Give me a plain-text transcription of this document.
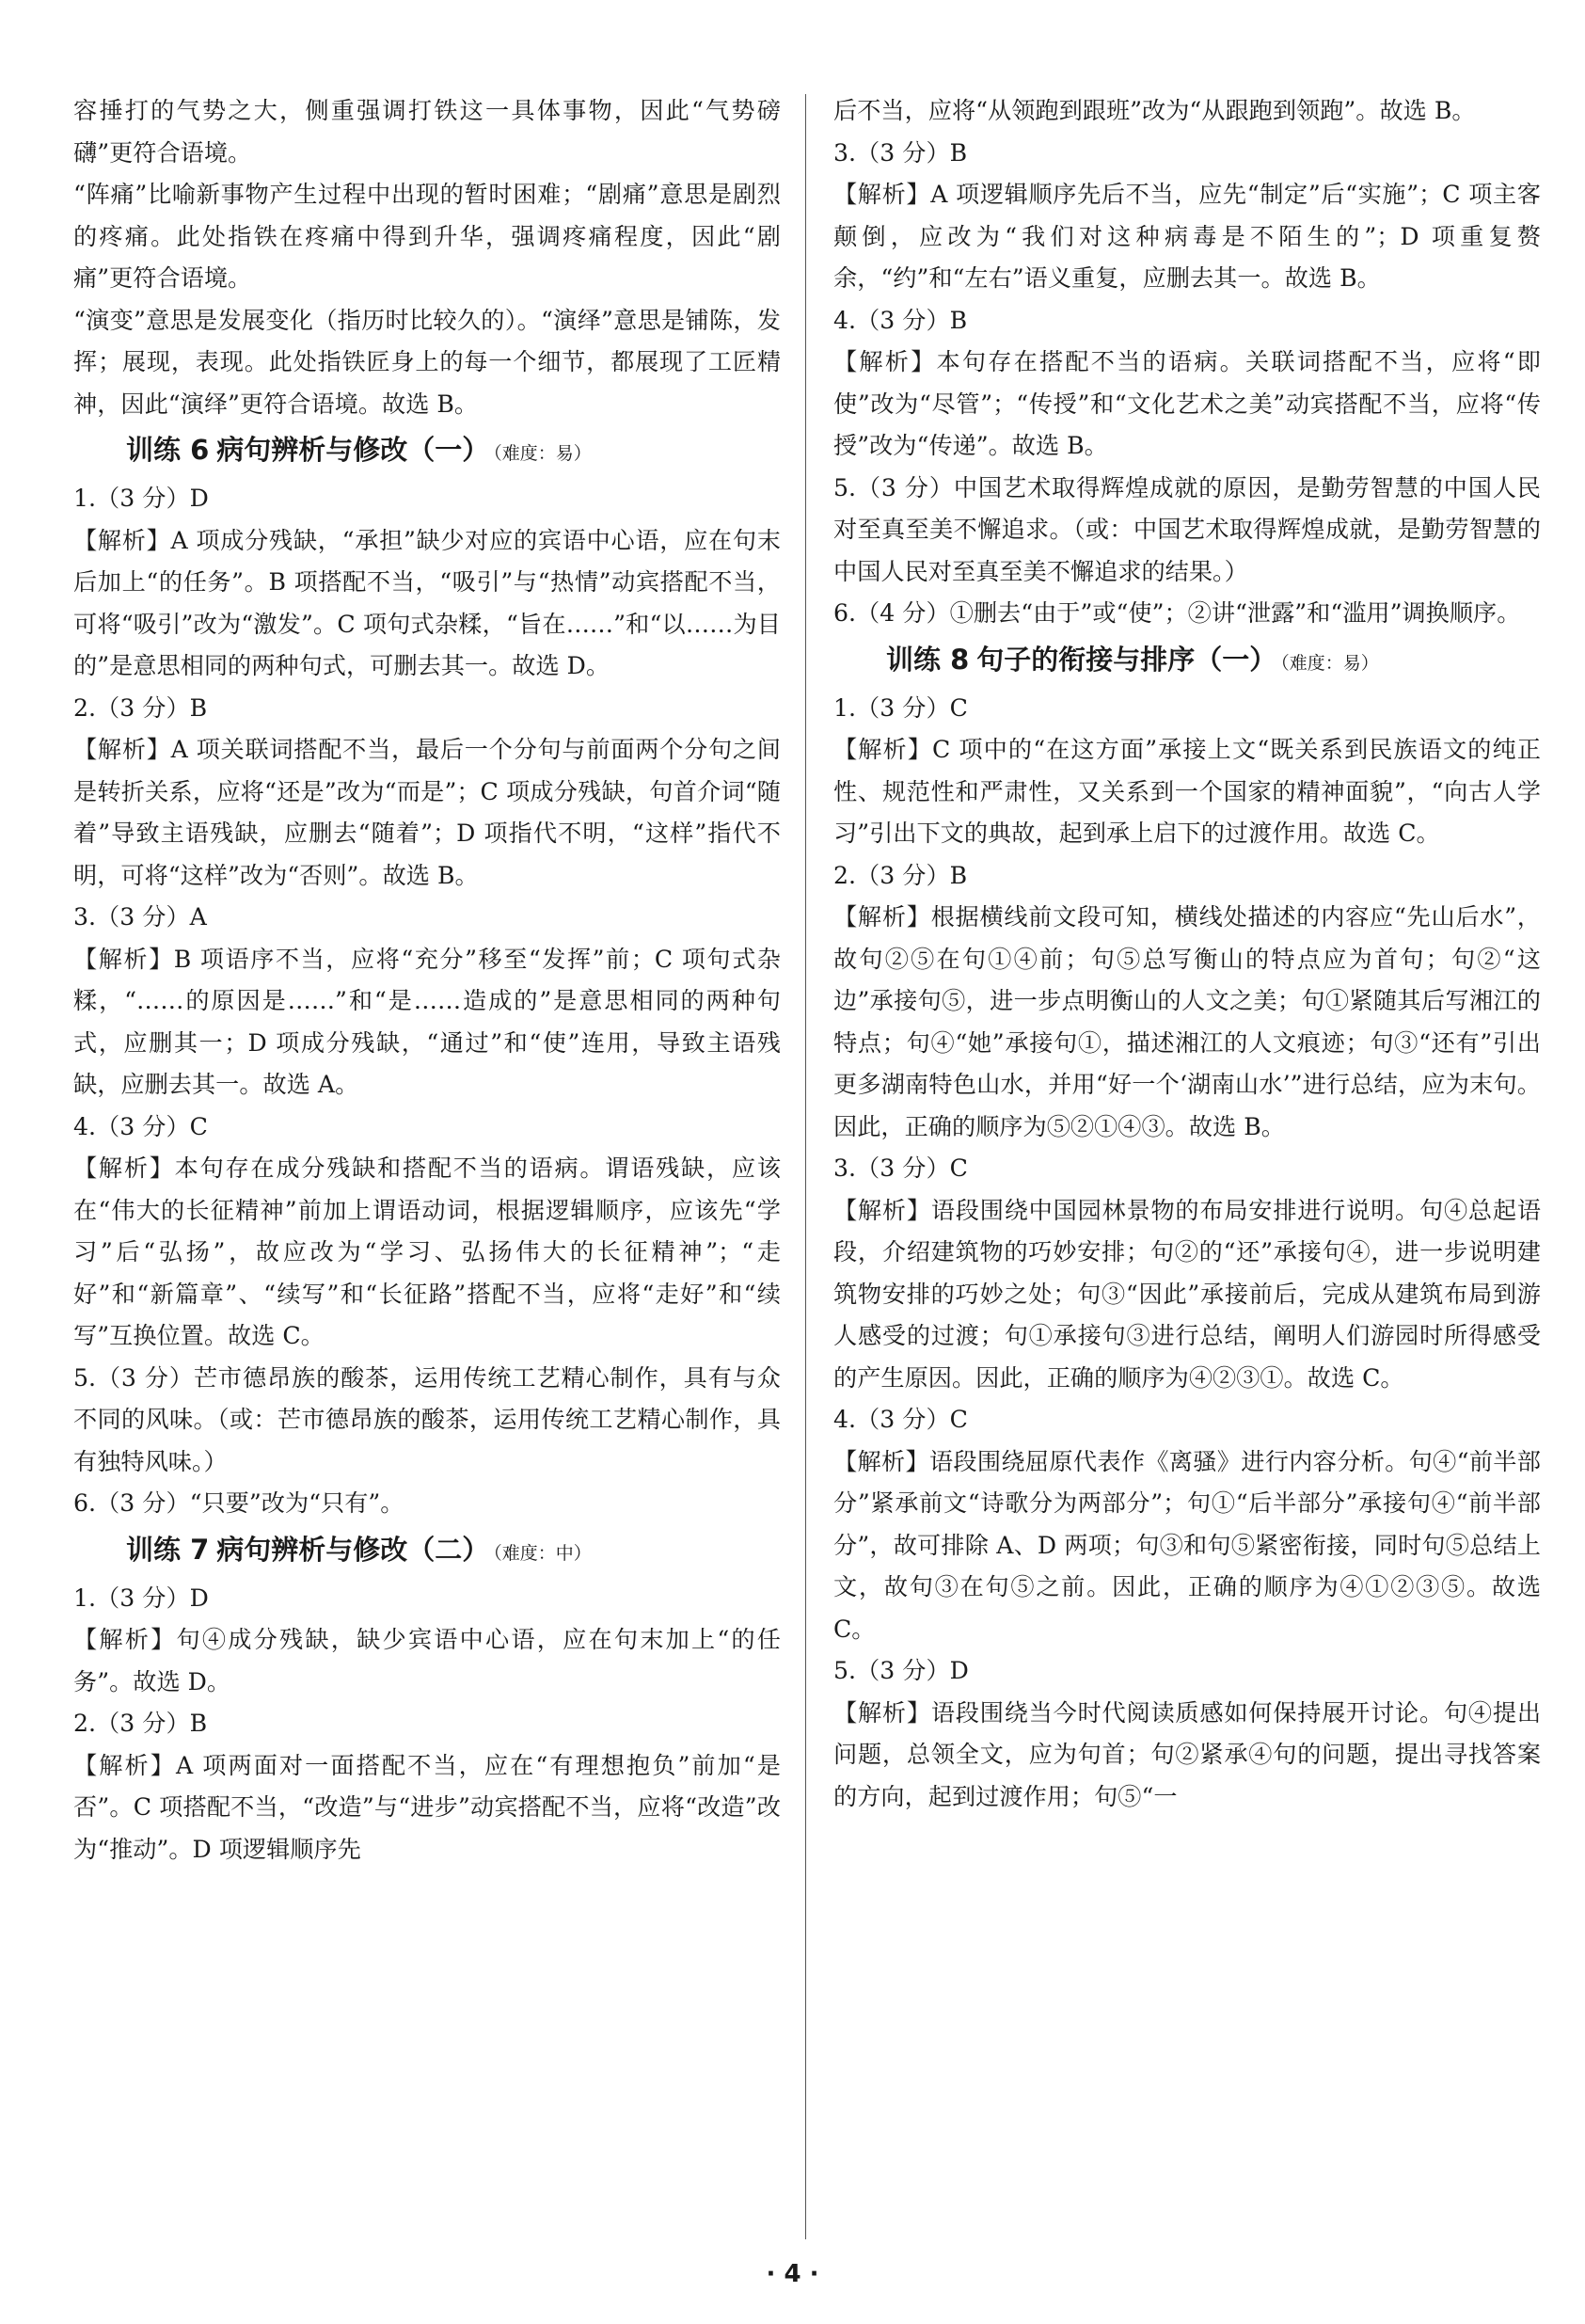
容捶打的气势之大，侧重强调打铁这一具体事物，因此“气势磅礴”更符合语境。

“阵痛”比喻新事物产生过程中出现的暂时困难；“剧痛”意思是剧烈的疼痛。此处指铁在疼痛中得到升华，强调疼痛程度，因此“剧痛”更符合语境。

“演变”意思是发展变化（指历时比较久的）。“演绎”意思是铺陈，发挥；展现，表现。此处指铁匠身上的每一个细节，都展现了工匠精神，因此“演绎”更符合语境。故选 B。

训练 6 病句辨析与修改（一） （难度：易）

1.（3 分）D

【解析】A 项成分残缺，“承担”缺少对应的宾语中心语，应在句末后加上“的任务”。B 项搭配不当，“吸引”与“热情”动宾搭配不当，可将“吸引”改为“激发”。C 项句式杂糅，“旨在……”和“以……为目的”是意思相同的两种句式，可删去其一。故选 D。

2.（3 分）B

【解析】A 项关联词搭配不当，最后一个分句与前面两个分句之间是转折关系，应将“还是”改为“而是”；C 项成分残缺，句首介词“随着”导致主语残缺，应删去“随着”；D 项指代不明，“这样”指代不明，可将“这样”改为“否则”。故选 B。

3.（3 分）A

【解析】B 项语序不当，应将“充分”移至“发挥”前；C 项句式杂糅，“……的原因是……”和“是……造成的”是意思相同的两种句式，应删其一；D 项成分残缺，“通过”和“使”连用，导致主语残缺，应删去其一。故选 A。

4.（3 分）C

【解析】本句存在成分残缺和搭配不当的语病。谓语残缺，应该在“伟大的长征精神”前加上谓语动词，根据逻辑顺序，应该先“学习”后“弘扬”，故应改为“学习、弘扬伟大的长征精神”；“走好”和“新篇章”、“续写”和“长征路”搭配不当，应将“走好”和“续写”互换位置。故选 C。

5.（3 分）芒市德昂族的酸茶，运用传统工艺精心制作，具有与众不同的风味。（或：芒市德昂族的酸茶，运用传统工艺精心制作，具有独特风味。）

6.（3 分）“只要”改为“只有”。

训练 7 病句辨析与修改（二） （难度：中）

1.（3 分）D

【解析】句④成分残缺，缺少宾语中心语，应在句末加上“的任务”。故选 D。

2.（3 分）B

【解析】A 项两面对一面搭配不当，应在“有理想抱负”前加“是否”。C 项搭配不当，“改造”与“进步”动宾搭配不当，应将“改造”改为“推动”。D 项逻辑顺序先

后不当，应将“从领跑到跟班”改为“从跟跑到领跑”。故选 B。

3.（3 分）B

【解析】A 项逻辑顺序先后不当，应先“制定”后“实施”；C 项主客颠倒，应改为“我们对这种病毒是不陌生的”；D 项重复赘余，“约”和“左右”语义重复，应删去其一。故选 B。

4.（3 分）B

【解析】本句存在搭配不当的语病。关联词搭配不当，应将“即使”改为“尽管”；“传授”和“文化艺术之美”动宾搭配不当，应将“传授”改为“传递”。故选 B。

5.（3 分）中国艺术取得辉煌成就的原因，是勤劳智慧的中国人民对至真至美不懈追求。（或：中国艺术取得辉煌成就，是勤劳智慧的中国人民对至真至美不懈追求的结果。）

6.（4 分）①删去“由于”或“使”；②讲“泄露”和“滥用”调换顺序。

训练 8 句子的衔接与排序（一） （难度：易）

1.（3 分）C

【解析】C 项中的“在这方面”承接上文“既关系到民族语文的纯正性、规范性和严肃性，又关系到一个国家的精神面貌”，“向古人学习”引出下文的典故，起到承上启下的过渡作用。故选 C。

2.（3 分）B

【解析】根据横线前文段可知，横线处描述的内容应“先山后水”，故句②⑤在句①④前；句⑤总写衡山的特点应为首句；句②“这边”承接句⑤，进一步点明衡山的人文之美；句①紧随其后写湘江的特点；句④“她”承接句①，描述湘江的人文痕迹；句③“还有”引出更多湖南特色山水，并用“好一个‘湖南山水’”进行总结，应为末句。因此，正确的顺序为⑤②①④③。故选 B。

3.（3 分）C

【解析】语段围绕中国园林景物的布局安排进行说明。句④总起语段，介绍建筑物的巧妙安排；句②的“还”承接句④，进一步说明建筑物安排的巧妙之处；句③“因此”承接前后，完成从建筑布局到游人感受的过渡；句①承接句③进行总结，阐明人们游园时所得感受的产生原因。因此，正确的顺序为④②③①。故选 C。

4.（3 分）C

【解析】语段围绕屈原代表作《离骚》进行内容分析。句④“前半部分”紧承前文“诗歌分为两部分”；句①“后半部分”承接句④“前半部分”，故可排除 A、D 两项；句③和句⑤紧密衔接，同时句⑤总结上文，故句③在句⑤之前。因此，正确的顺序为④①②③⑤。故选 C。

5.（3 分）D

【解析】语段围绕当今时代阅读质感如何保持展开讨论。句④提出问题，总领全文，应为句首；句②紧承④句的问题，提出寻找答案的方向，起到过渡作用；句⑤“一

· 4 ·
